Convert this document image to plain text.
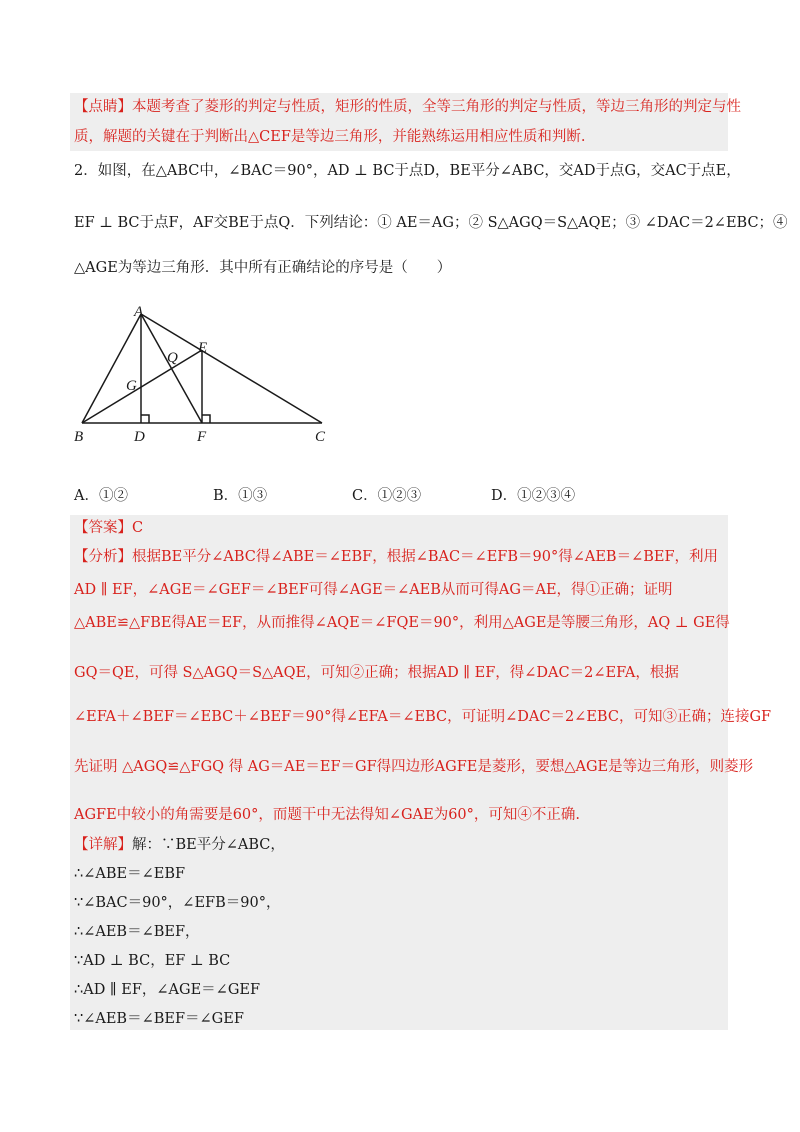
【点睛】本题考查了菱形的判定与性质，矩形的性质，全等三角形的判定与性质，等边三角形的判定与性
质，解题的关键在于判断出△CEF是等边三角形，并能熟练运用相应性质和判断.
2．如图，在△ABC中，∠BAC＝90°，AD ⊥ BC于点D，BE平分∠ABC，交AD于点G，交AC于点E，
EF ⊥ BC于点F，AF交BE于点Q．下列结论：① AE＝AG；② S△AGQ＝S△AQE；③ ∠DAC＝2∠EBC；④
△AGE为等边三角形．其中所有正确结论的序号是（　　）
A
B	C
D
E
F
G
Q
A．①②	B．①③	C．①②③	D．①②③④
【答案】C
【分析】根据BE平分∠ABC得∠ABE＝∠EBF，根据∠BAC＝∠EFB＝90°得∠AEB＝∠BEF，利用
AD ∥ EF，∠AGE＝∠GEF＝∠BEF可得∠AGE＝∠AEB从而可得AG＝AE，得①正确；证明
△ABE≌△FBE得AE＝EF，从而推得∠AQE＝∠FQE＝90°，利用△AGE是等腰三角形，AQ ⊥ GE得
GQ＝QE，可得 S△AGQ＝S△AQE，可知②正确；根据AD ∥ EF，得∠DAC＝2∠EFA，根据
∠EFA＋∠BEF＝∠EBC＋∠BEF＝90°得∠EFA＝∠EBC，可证明∠DAC＝2∠EBC，可知③正确；连接GF
先证明 △AGQ≌△FGQ 得 AG＝AE＝EF＝GF得四边形AGFE是菱形，要想△AGE是等边三角形，则菱形
AGFE中较小的角需要是60°，而题干中无法得知∠GAE为60°，可知④不正确.
【详解】解：∵BE平分∠ABC，
∴∠ABE＝∠EBF
∵∠BAC＝90°，∠EFB＝90°，
∴∠AEB＝∠BEF，
∵AD ⊥ BC，EF ⊥ BC
∴AD ∥ EF，∠AGE＝∠GEF
∵∠AEB＝∠BEF＝∠GEF
